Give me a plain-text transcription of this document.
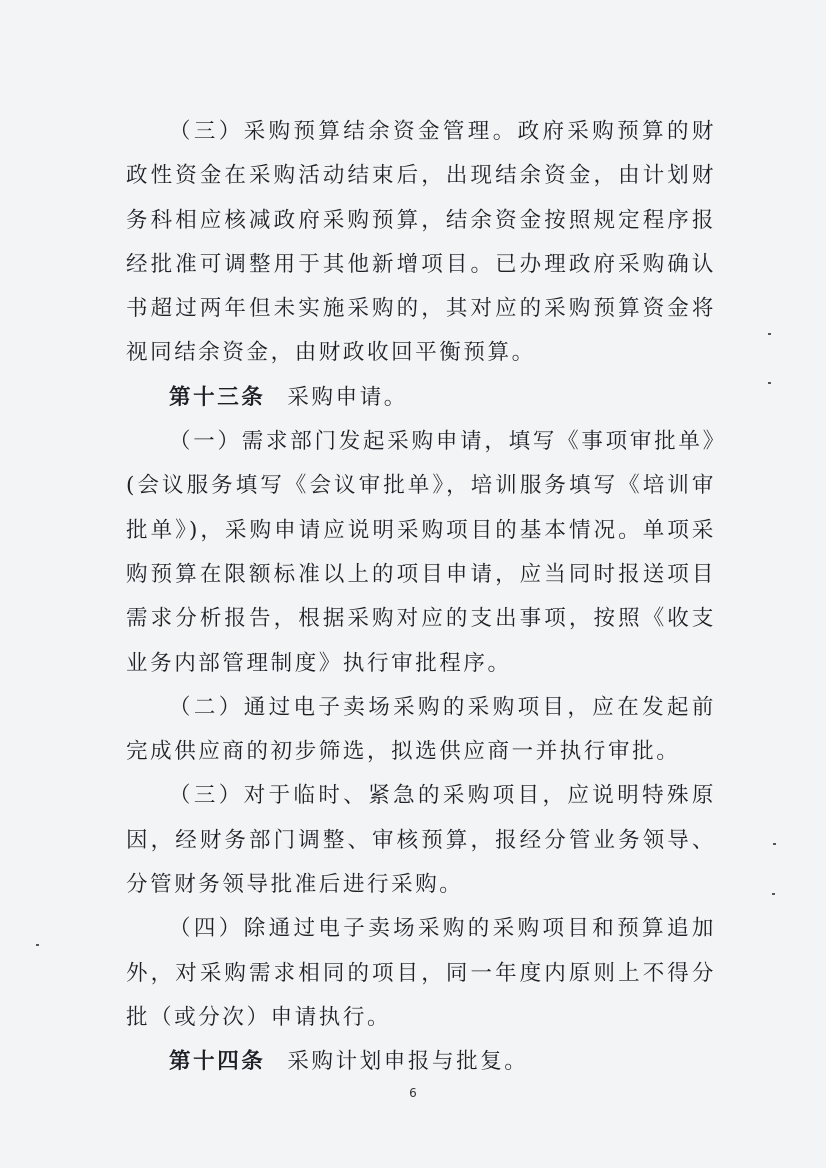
（三）采购预算结余资金管理。政府采购预算的财政性资金在采购活动结束后，出现结余资金，由计划财务科相应核减政府采购预算，结余资金按照规定程序报经批准可调整用于其他新增项目。已办理政府采购确认书超过两年但未实施采购的，其对应的采购预算资金将视同结余资金，由财政收回平衡预算。

第十三条 采购申请。

（一）需求部门发起采购申请，填写《事项审批单》(会议服务填写《会议审批单》，培训服务填写《培训审批单》)，采购申请应说明采购项目的基本情况。单项采购预算在限额标准以上的项目申请，应当同时报送项目需求分析报告，根据采购对应的支出事项，按照《收支业务内部管理制度》执行审批程序。

（二）通过电子卖场采购的采购项目，应在发起前完成供应商的初步筛选，拟选供应商一并执行审批。

（三）对于临时、紧急的采购项目，应说明特殊原因，经财务部门调整、审核预算，报经分管业务领导、分管财务领导批准后进行采购。

（四）除通过电子卖场采购的采购项目和预算追加外，对采购需求相同的项目，同一年度内原则上不得分批（或分次）申请执行。

第十四条 采购计划申报与批复。

6
